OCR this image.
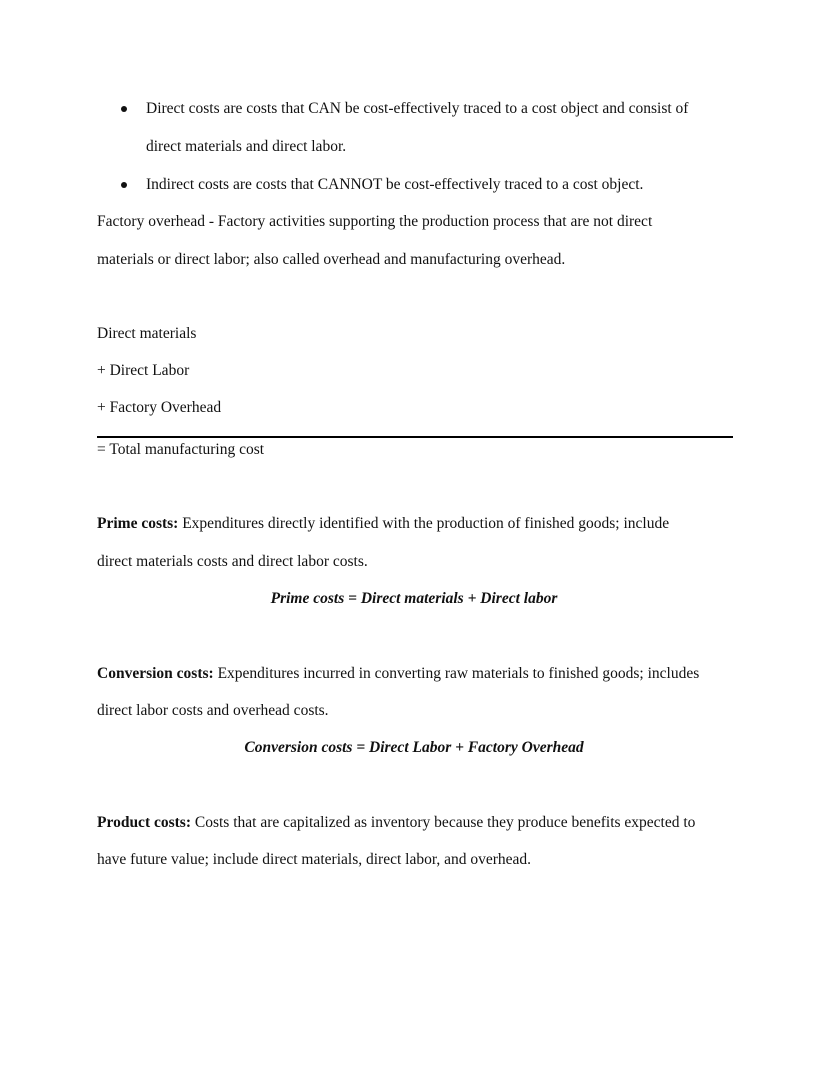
Direct costs are costs that CAN be cost-effectively traced to a cost object and consist of
direct materials and direct labor.
Indirect costs are costs that CANNOT be cost-effectively traced to a cost object.
Factory overhead - Factory activities supporting the production process that are not direct
materials or direct labor; also called overhead and manufacturing overhead.
Direct materials
+ Direct Labor
+ Factory Overhead
= Total manufacturing cost
Prime costs: Expenditures directly identified with the production of finished goods; include
direct materials costs and direct labor costs.
Prime costs = Direct materials + Direct labor
Conversion costs: Expenditures incurred in converting raw materials to finished goods; includes
direct labor costs and overhead costs.
Conversion costs = Direct Labor + Factory Overhead
Product costs: Costs that are capitalized as inventory because they produce benefits expected to
have future value; include direct materials, direct labor, and overhead.
